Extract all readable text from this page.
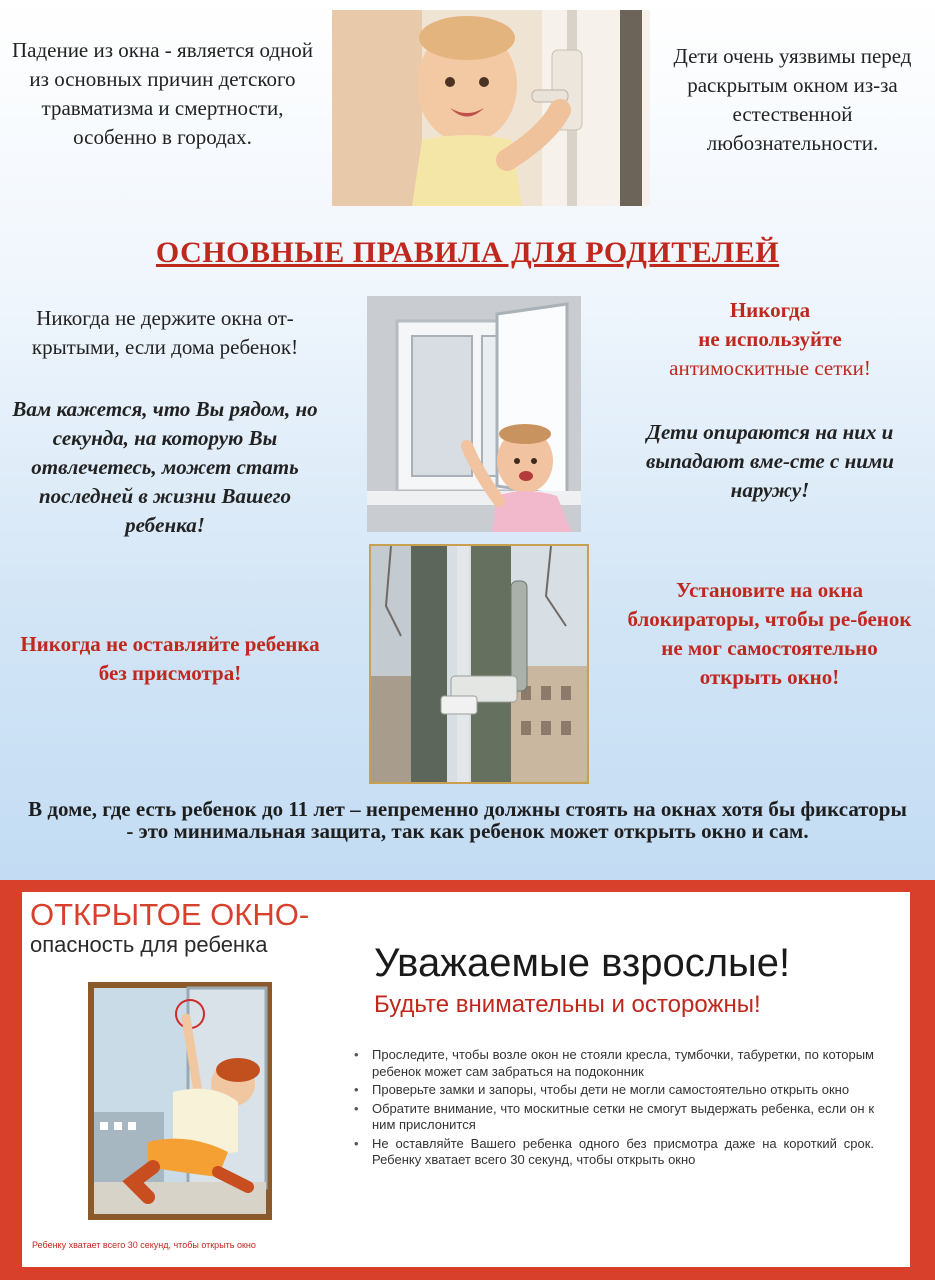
Падение из окна - является одной из основных причин детского травматизма и смертности, особенно в городах.
Дети очень уязвимы перед раскрытым окном из-за естественной любознательности.
ОСНОВНЫЕ ПРАВИЛА ДЛЯ РОДИТЕЛЕЙ
Никогда не держите окна от-крытыми, если дома ребенок!
Вам кажется, что Вы рядом, но секунда, на которую Вы отвлечетесь, может стать последней в жизни Вашего ребенка!
Никогда не оставляйте ребенка без присмотра!
Никогда
не используйте
антимоскитные сетки!
Дети опираются на них и выпадают вме-сте с ними наружу!
Установите на окна блокираторы, чтобы ре-бенок не мог самостоятельно открыть окно!
В доме, где есть ребенок до 11 лет – непременно должны стоять на окнах хотя бы фиксаторы - это минимальная защита, так как ребенок может открыть окно и сам.
ОТКРЫТОЕ ОКНО-
опасность для ребенка
Ребенку хватает всего 30 секунд, чтобы открыть окно
Уважаемые взрослые!
Будьте внимательны и осторожны!
• Проследите, чтобы возле окон не стояли кресла, тумбочки, табуретки, по которым ребенок может сам забраться на подоконник
• Проверьте замки и запоры, чтобы дети не могли самостоятельно открыть окно
• Обратите внимание, что москитные сетки не смогут выдержать ребенка, если он к ним прислонится
• Не оставляйте Вашего ребенка одного без присмотра даже на короткий срок. Ребенку хватает всего 30 секунд, чтобы открыть окно
